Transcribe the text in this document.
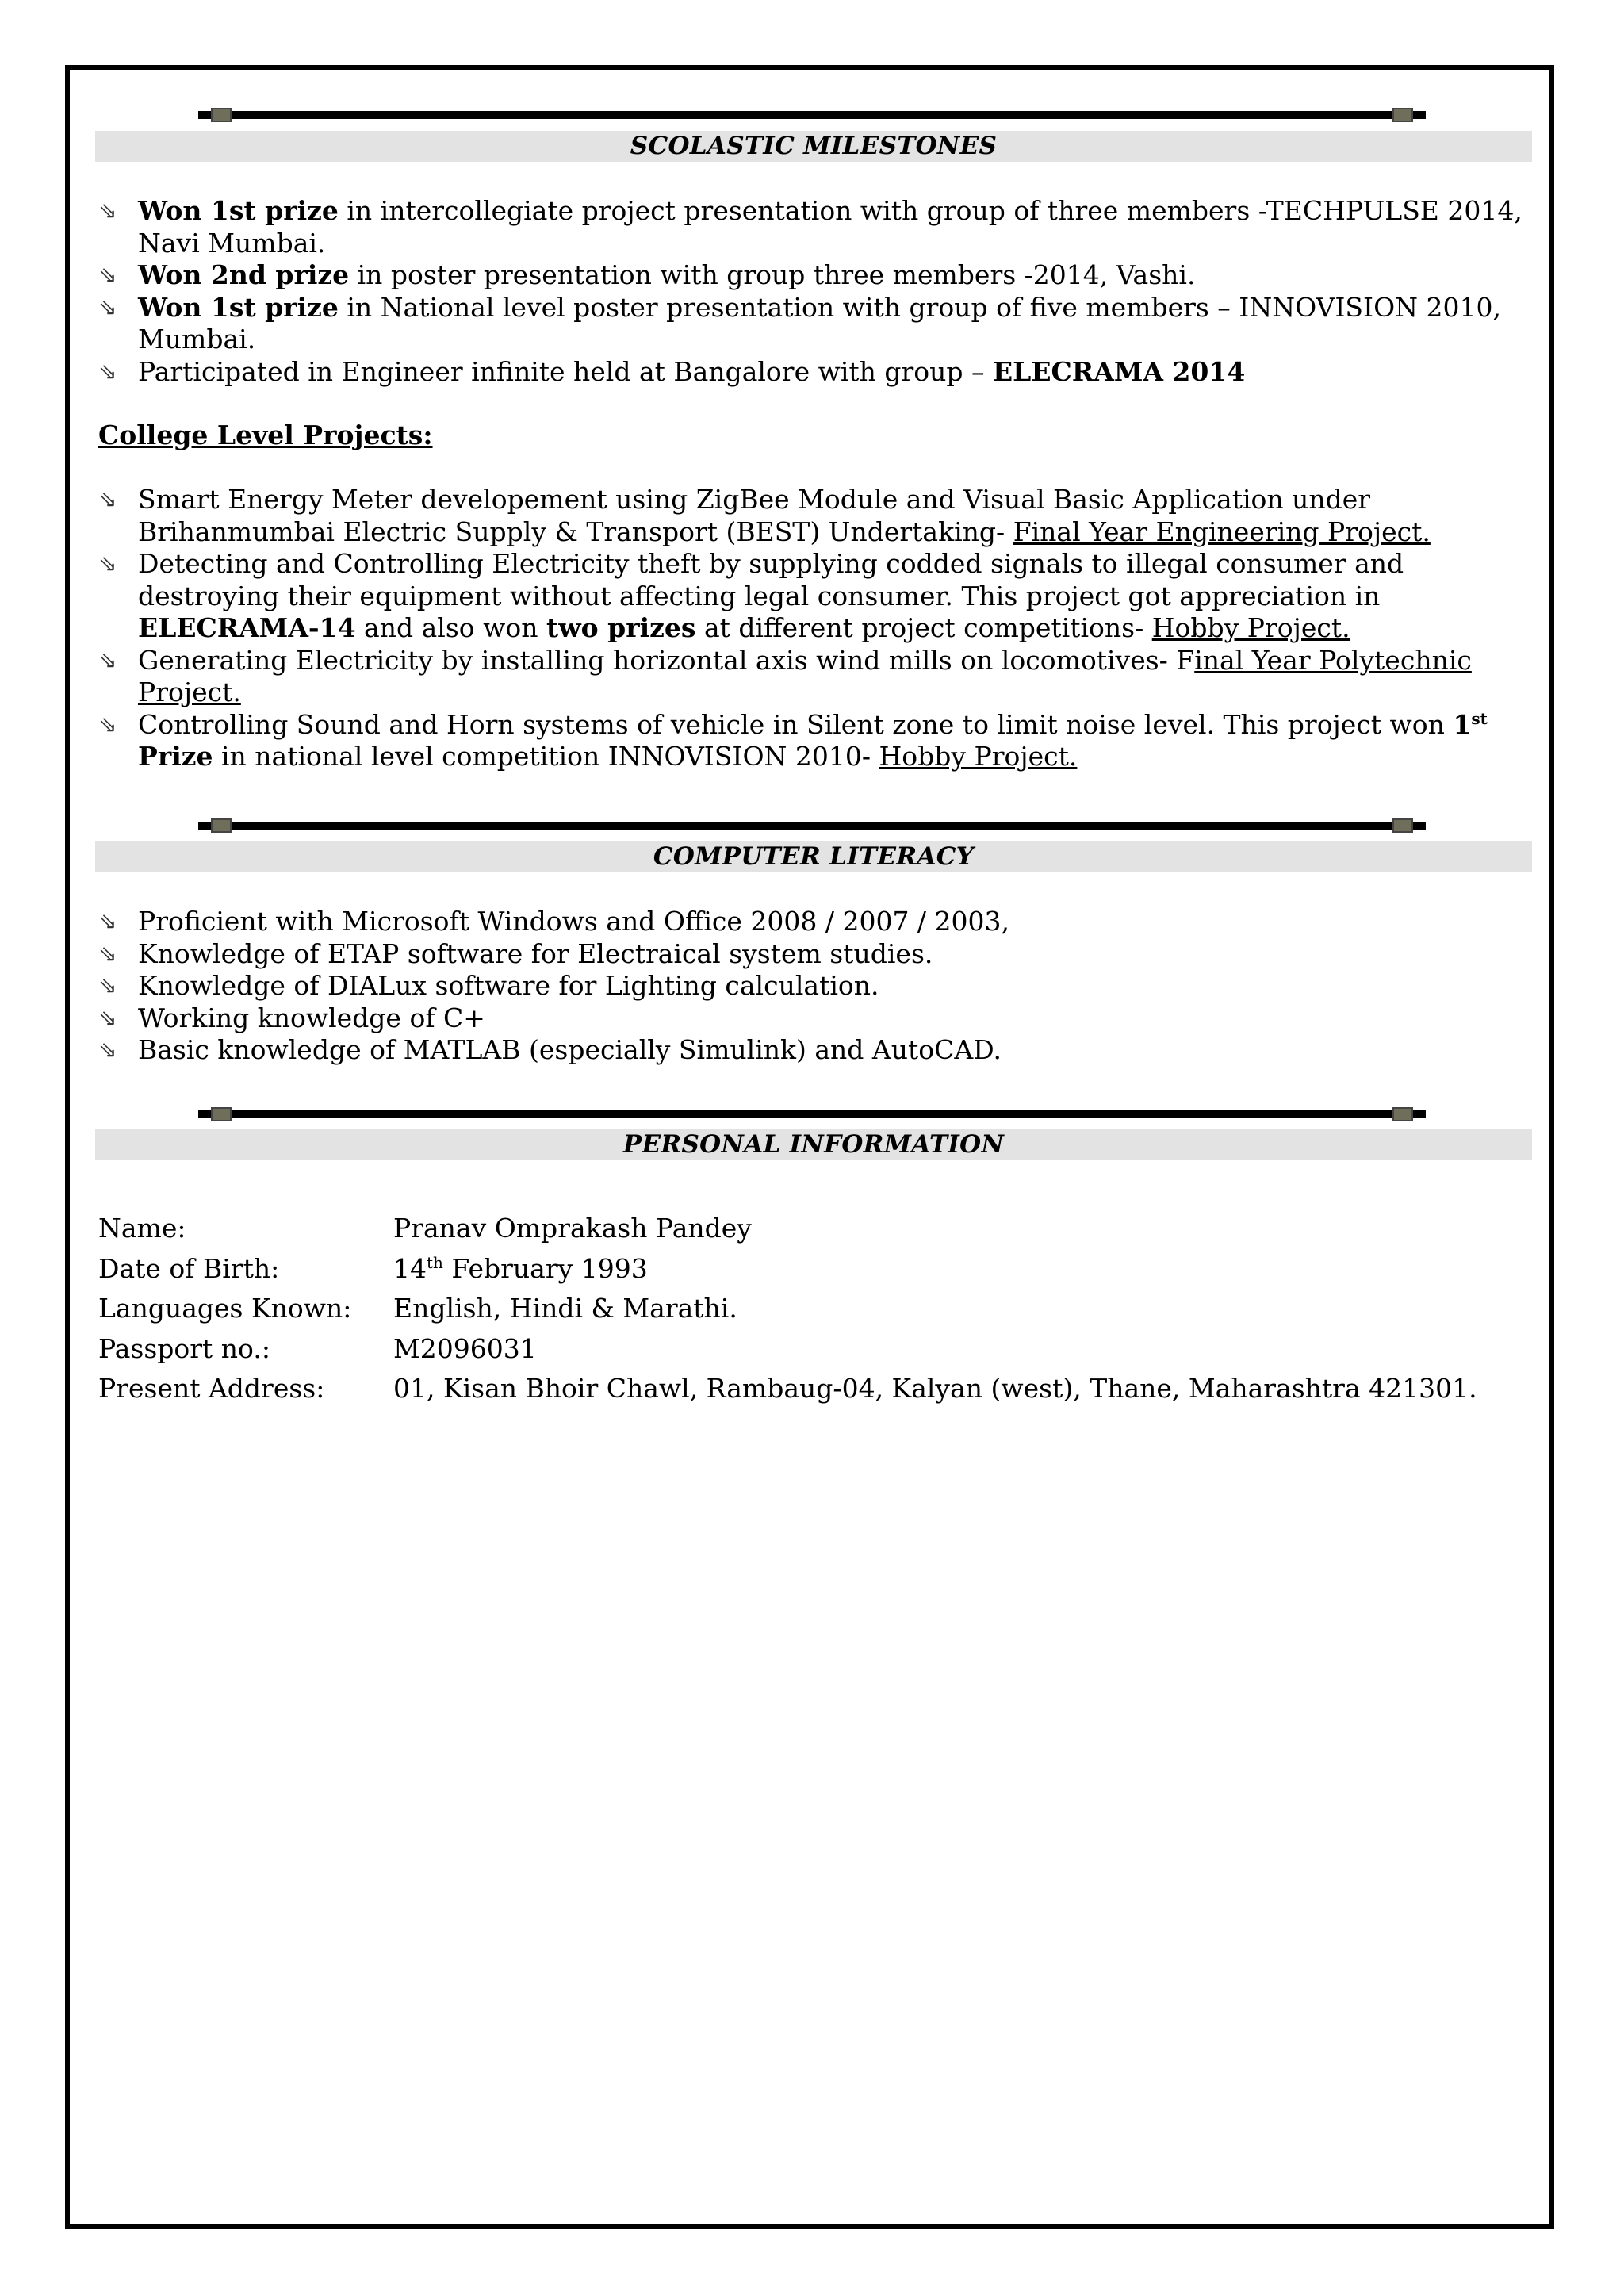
SCOLASTIC MILESTONES
⇘ Won 1st prize in intercollegiate project presentation with group of three members -TECHPULSE 2014, Navi Mumbai.
⇘ Won 2nd prize in poster presentation with group three members -2014, Vashi.
⇘ Won 1st prize in National level poster presentation with group of five members – INNOVISION 2010, Mumbai.
⇘ Participated in Engineer infinite held at Bangalore with group – ELECRAMA 2014
College Level Projects:
⇘ Smart Energy Meter developement using ZigBee Module and Visual Basic Application under Brihanmumbai Electric Supply & Transport (BEST) Undertaking- Final Year Engineering Project.
⇘ Detecting and Controlling Electricity theft by supplying codded signals to illegal consumer and destroying their equipment without affecting legal consumer. This project got appreciation in ELECRAMA-14 and also won two prizes at different project competitions- Hobby Project.
⇘ Generating Electricity by installing horizontal axis wind mills on locomotives- Final Year Polytechnic Project.
⇘ Controlling Sound and Horn systems of vehicle in Silent zone to limit noise level. This project won 1st Prize in national level competition INNOVISION 2010- Hobby Project.
COMPUTER LITERACY
⇘ Proficient with Microsoft Windows and Office 2008 / 2007 / 2003,
⇘ Knowledge of ETAP software for Electraical system studies.
⇘ Knowledge of DIALux software for Lighting calculation.
⇘ Working knowledge of C+
⇘ Basic knowledge of MATLAB (especially Simulink) and AutoCAD.
PERSONAL INFORMATION
Name:	Pranav Omprakash Pandey
Date of Birth:	14th February 1993
Languages Known: English, Hindi & Marathi.
Passport no.:	M2096031
Present Address:	01, Kisan Bhoir Chawl, Rambaug-04, Kalyan (west), Thane, Maharashtra 421301.
